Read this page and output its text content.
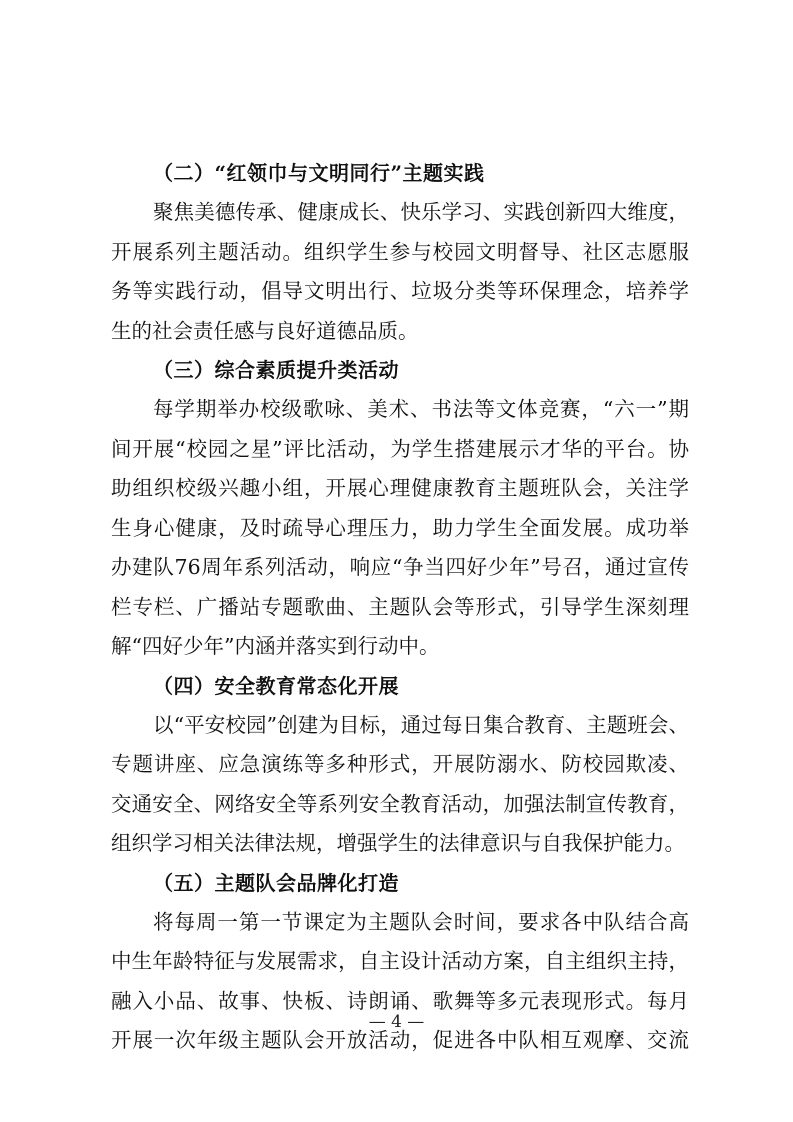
（二）“红领巾与文明同行”主题实践

聚焦美德传承、健康成长、快乐学习、实践创新四大维度，
开展系列主题活动。组织学生参与校园文明督导、社区志愿服
务等实践行动，倡导文明出行、垃圾分类等环保理念，培养学
生的社会责任感与良好道德品质。

（三）综合素质提升类活动

每学期举办校级歌咏、美术、书法等文体竞赛，“六一”期
间开展“校园之星”评比活动，为学生搭建展示才华的平台。协
助组织校级兴趣小组，开展心理健康教育主题班队会，关注学
生身心健康，及时疏导心理压力，助力学生全面发展。成功举
办建队76周年系列活动，响应“争当四好少年”号召，通过宣传
栏专栏、广播站专题歌曲、主题队会等形式，引导学生深刻理
解“四好少年”内涵并落实到行动中。

（四）安全教育常态化开展

以“平安校园”创建为目标，通过每日集合教育、主题班会、
专题讲座、应急演练等多种形式，开展防溺水、防校园欺凌、
交通安全、网络安全等系列安全教育活动，加强法制宣传教育，
组织学习相关法律法规，增强学生的法律意识与自我保护能力。

（五）主题队会品牌化打造

将每周一第一节课定为主题队会时间，要求各中队结合高
中生年龄特征与发展需求，自主设计活动方案，自主组织主持，
融入小品、故事、快板、诗朗诵、歌舞等多元表现形式。每月
开展一次年级主题队会开放活动，促进各中队相互观摩、交流

— 4 —
